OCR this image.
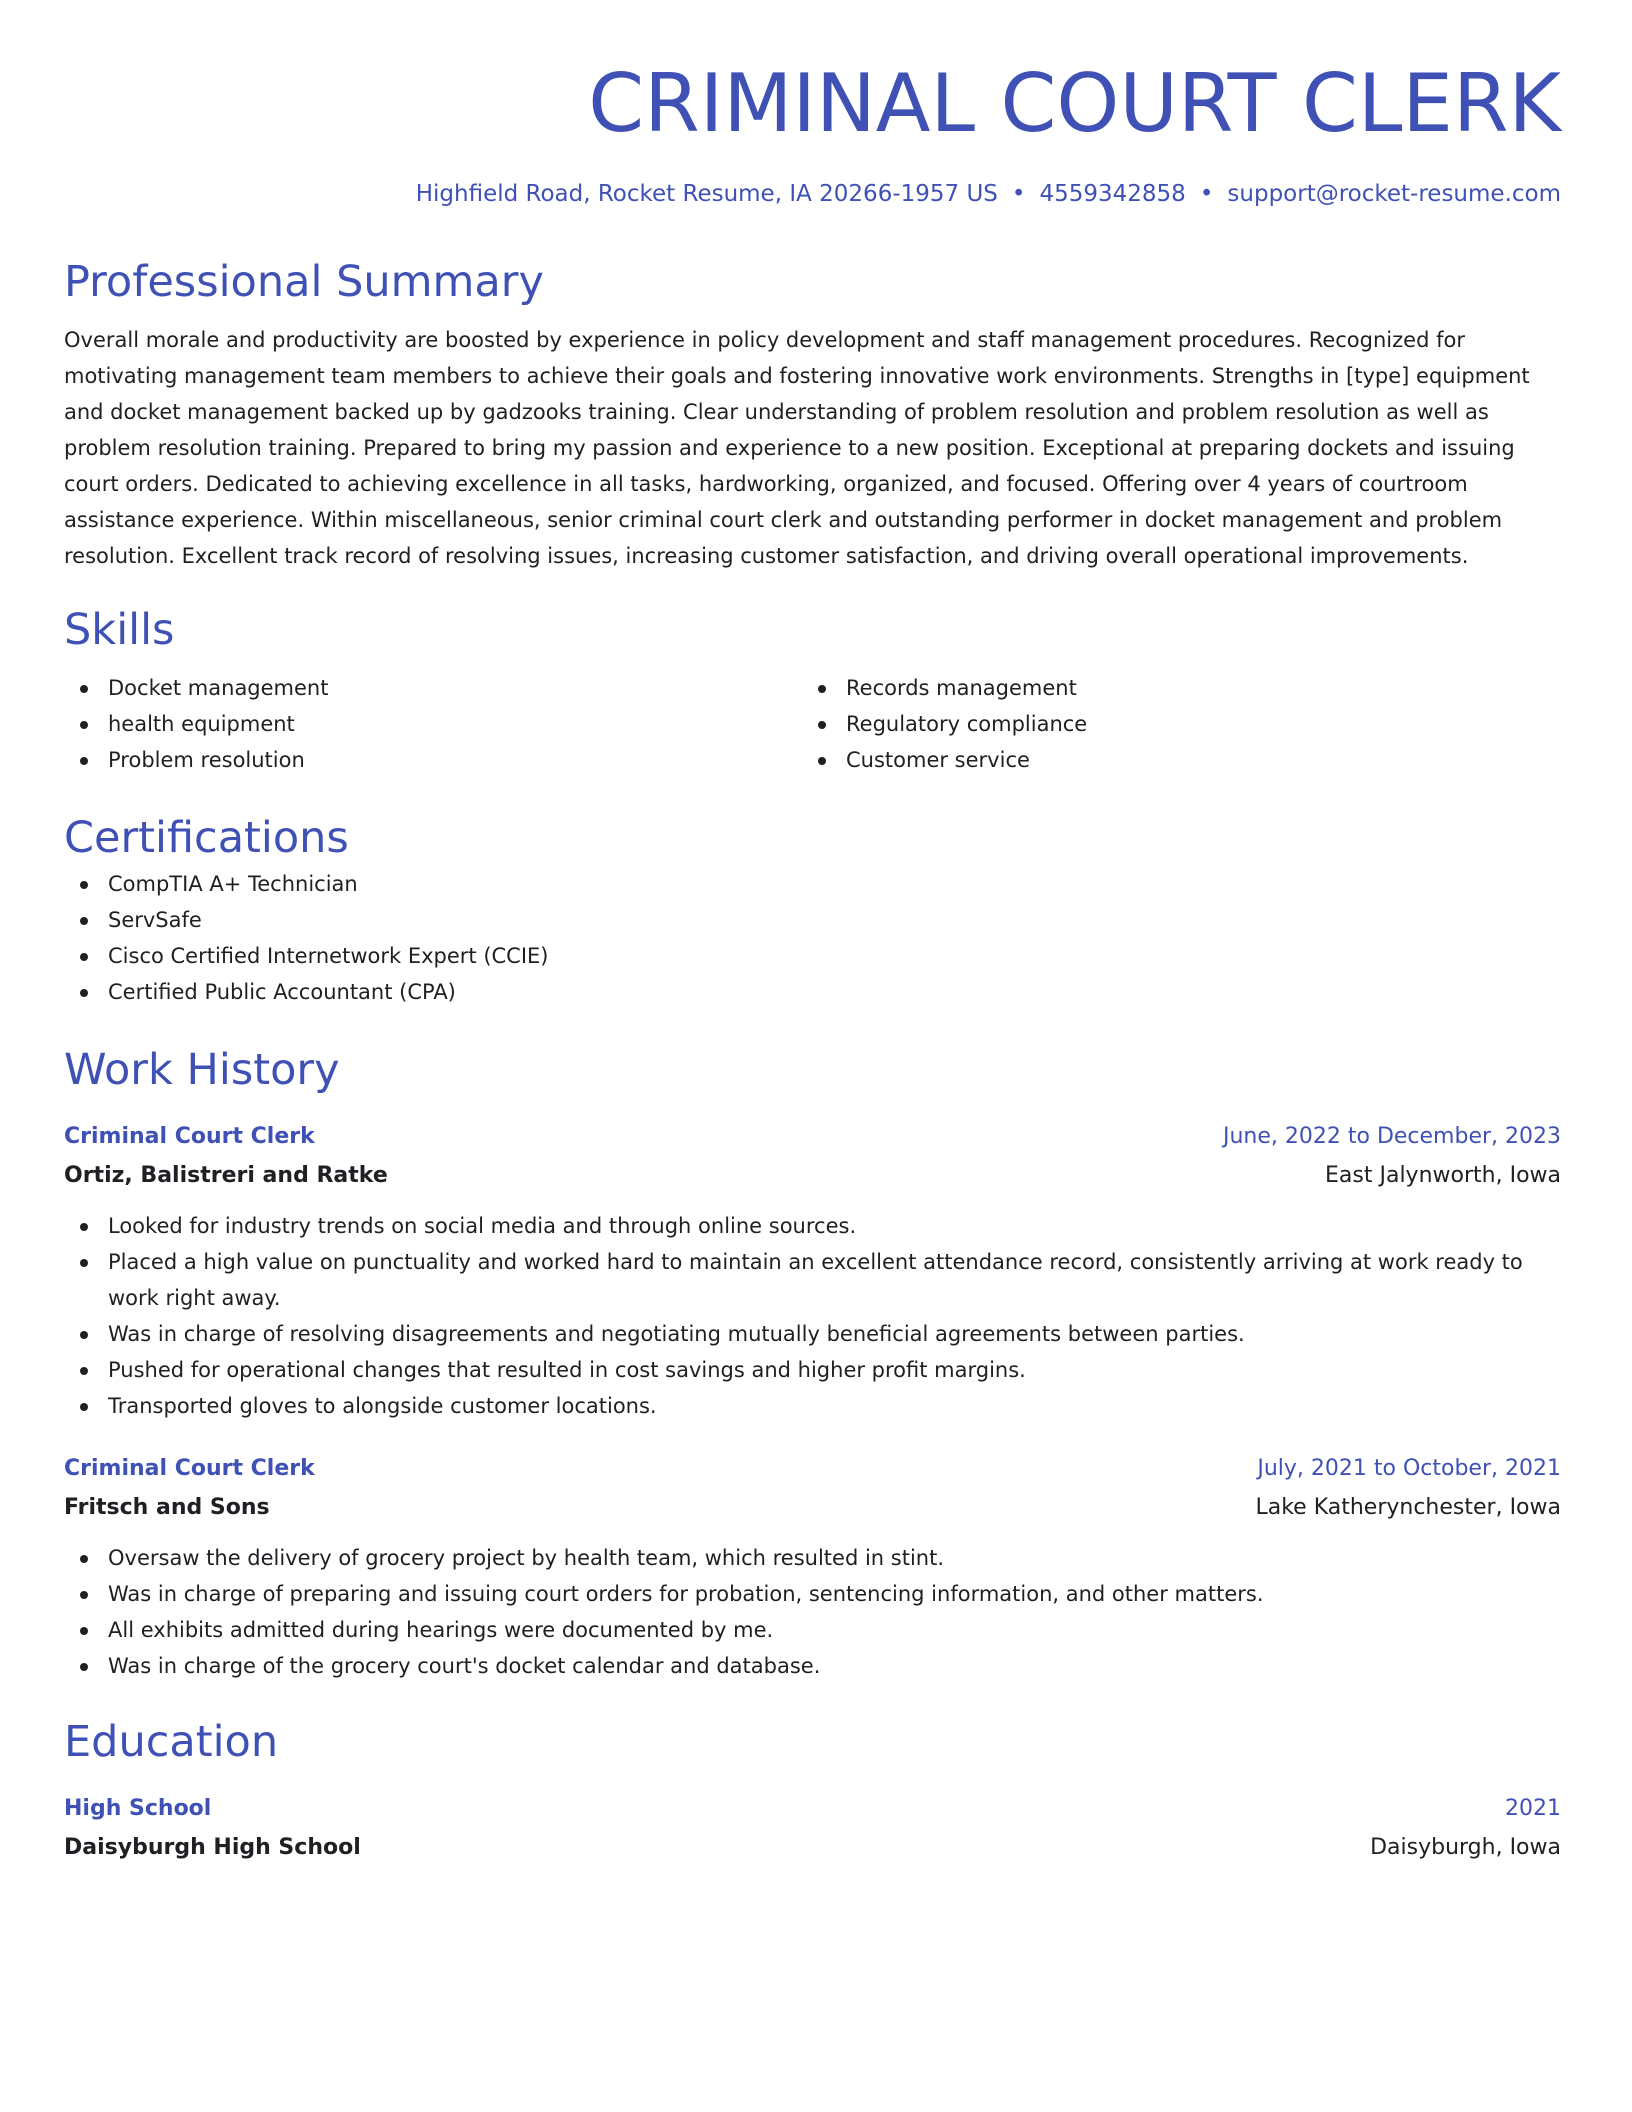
CRIMINAL COURT CLERK
Highfield Road, Rocket Resume, IA 20266-1957 US • 4559342858 • support@rocket-resume.com
Professional Summary
Overall morale and productivity are boosted by experience in policy development and staff management procedures. Recognized for motivating management team members to achieve their goals and fostering innovative work environments. Strengths in [type] equipment and docket management backed up by gadzooks training. Clear understanding of problem resolution and problem resolution as well as problem resolution training. Prepared to bring my passion and experience to a new position. Exceptional at preparing dockets and issuing court orders. Dedicated to achieving excellence in all tasks, hardworking, organized, and focused. Offering over 4 years of courtroom assistance experience. Within miscellaneous, senior criminal court clerk and outstanding performer in docket management and problem resolution. Excellent track record of resolving issues, increasing customer satisfaction, and driving overall operational improvements.
Skills
Docket management
health equipment
Problem resolution
Records management
Regulatory compliance
Customer service
Certifications
CompTIA A+ Technician
ServSafe
Cisco Certified Internetwork Expert (CCIE)
Certified Public Accountant (CPA)
Work History
Criminal Court Clerk	June, 2022 to December, 2023
Ortiz, Balistreri and Ratke	East Jalynworth, Iowa
Looked for industry trends on social media and through online sources.
Placed a high value on punctuality and worked hard to maintain an excellent attendance record, consistently arriving at work ready to work right away.
Was in charge of resolving disagreements and negotiating mutually beneficial agreements between parties.
Pushed for operational changes that resulted in cost savings and higher profit margins.
Transported gloves to alongside customer locations.
Criminal Court Clerk	July, 2021 to October, 2021
Fritsch and Sons	Lake Katherynchester, Iowa
Oversaw the delivery of grocery project by health team, which resulted in stint.
Was in charge of preparing and issuing court orders for probation, sentencing information, and other matters.
All exhibits admitted during hearings were documented by me.
Was in charge of the grocery court's docket calendar and database.
Education
High School	2021
Daisyburgh High School	Daisyburgh, Iowa
